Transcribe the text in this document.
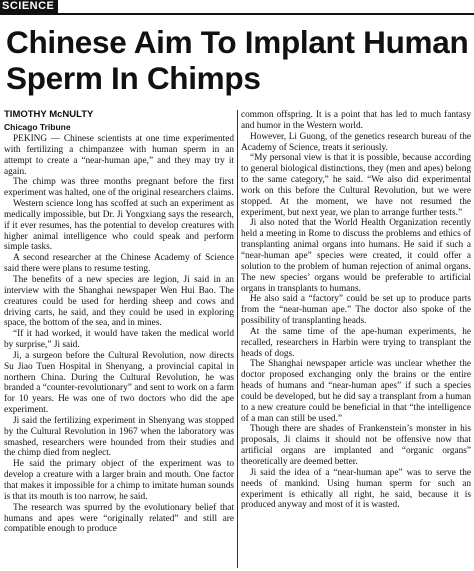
SCIENCE
Chinese Aim To Implant Human Sperm In Chimps
TIMOTHY McNULTY
Chicago Tribune

PEKING — Chinese scientists at one time experimented with fertilizing a chimpanzee with human sperm in an attempt to create a “near-human ape,” and they may try it again.

The chimp was three months pregnant before the first experiment was halted, one of the original researchers claims.

Western science long has scoffed at such an experiment as medically impossible, but Dr. Ji Yongxiang says the research, if it ever resumes, has the potential to develop creatures with higher animal intelligence who could speak and perform simple tasks.

A second researcher at the Chinese Academy of Science said there were plans to resume testing.

The benefits of a new species are legion, Ji said in an interview with the Shanghai newspaper Wen Hui Bao. The creatures could be used for herding sheep and cows and driving carts, he said, and they could be used in exploring space, the bottom of the sea, and in mines.

“If it had worked, it would have taken the medical world by surprise,” Ji said.

Ji, a surgeon before the Cultural Revolution, now directs Su Jiao Tuen Hospital in Shenyang, a provincial capital in northern China. During the Cultural Revolution, he was branded a “counter-revolutionary” and sent to work on a farm for 10 years. He was one of two doctors who did the ape experiment.

Ji said the fertilizing experiment in Shenyang was stopped by the Cultural Revolution in 1967 when the laboratory was smashed, researchers were hounded from their studies and the chimp died from neglect.

He said the primary object of the experiment was to develop a creature with a larger brain and mouth. One factor that makes it impossible for a chimp to imitate human sounds is that its mouth is too narrow, he said.

The research was spurred by the evolutionary belief that humans and apes were “originally related” and still are compatible enough to produce

common offspring. It is a point that has led to much fantasy and humor in the Western world.

However, Li Guong, of the genetics research bureau of the Academy of Science, treats it seriously.

“My personal view is that it is possible, because according to general biological distinctions, they (men and apes) belong to the same category,” he said. “We also did experimental work on this before the Cultural Revolution, but we were stopped. At the moment, we have not resumed the experiment, but next year, we plan to arrange further tests.”

Ji also noted that the World Health Organization recently held a meeting in Rome to discuss the problems and ethics of transplanting animal organs into humans. He said if such a “near-human ape” species were created, it could offer a solution to the problem of human rejection of animal organs. The new species’ organs would be preferable to artificial organs in transplants to humans.

He also said a “factory” could be set up to produce parts from the “near-human ape.” The doctor also spoke of the possibility of transplanting heads.

At the same time of the ape-human experiments, he recalled, researchers in Harbin were trying to transplant the heads of dogs.

The Shanghai newspaper article was unclear whether the doctor proposed exchanging only the brains or the entire heads of humans and “near-human apes” if such a species could be developed, but he did say a transplant from a human to a new creature could be beneficial in that “the intelligence of a man can still be used.”

Though there are shades of Frankenstein’s monster in his proposals, Ji claims it should not be offensive now that artificial organs are implanted and “organic organs” theoretically are deemed better.

Ji said the idea of a “near-human ape” was to serve the needs of mankind. Using human sperm for such an experiment is ethically all right, he said, because it is produced anyway and most of it is wasted.
